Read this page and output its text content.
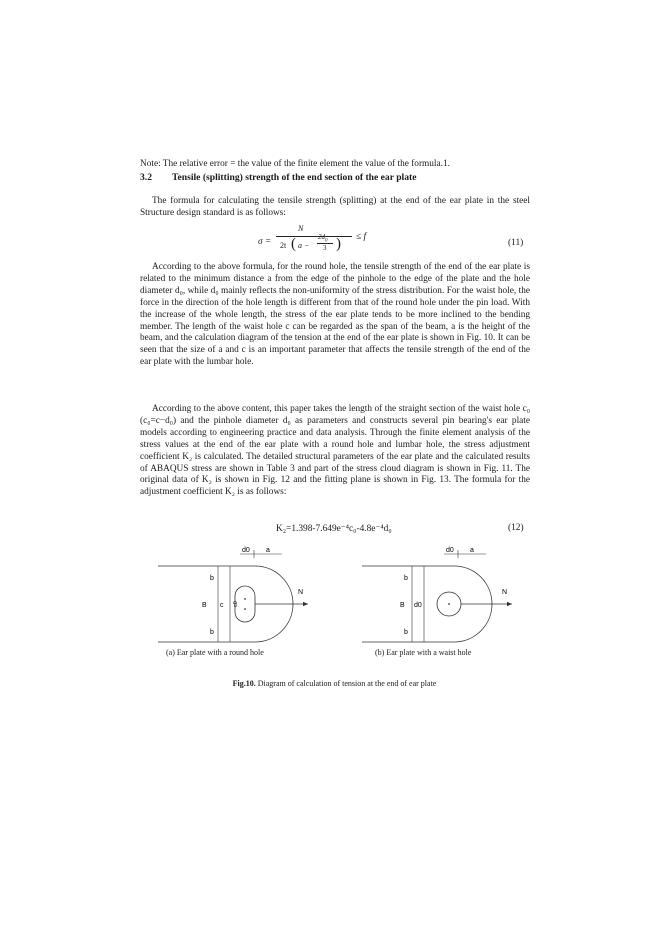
Note: The relative error = the value of the finite element the value of the formula.1.
3.2 Tensile (splitting) strength of the end section of the ear plate

The formula for calculating the tensile strength (splitting) at the end of the ear plate in the steel Structure design standard is as follows:

σ =
N
2t ( a −
$2d_0$
3 ) ≤ f
(11)

According to the above formula, for the round hole, the tensile strength of the end of the ear plate is related to the minimum distance a from the edge of the pinhole to the edge of the plate and the hole diameter d₀, while d₀ mainly reflects the non-uniformity of the stress distribution. For the waist hole, the force in the direction of the hole length is different from that of the round hole under the pin load. With the increase of the whole length, the stress of the ear plate tends to be more inclined to the bending member. The length of the waist hole c can be regarded as the span of the beam, a is the height of the beam, and the calculation diagram of the tension at the end of the ear plate is shown in Fig. 10. It can be seen that the size of a and c is an important parameter that affects the tensile strength of the end of the ear plate with the lumbar hole.

According to the above content, this paper takes the length of the straight section of the waist hole c₀ (c₀=c−d₀) and the pinhole diameter d₀ as parameters and constructs several pin bearing's ear plate models according to engineering practice and data analysis. Through the finite element analysis of the stress values at the end of the ear plate with a round hole and lumbar hole, the stress adjustment coefficient K₂ is calculated. The detailed structural parameters of the ear plate and the calculated results of ABAQUS stress are shown in Table 3 and part of the stress cloud diagram is shown in Fig. 11. The original data of K₂ is shown in Fig. 12 and the fitting plane is shown in Fig. 13. The formula for the adjustment coefficient K₂ is as follows:

K₂=1.398-7.649e⁻⁴c₀-4.8e⁻⁴d₀	(12)
d0 a
b
B c c0
b
N
d0 a
b
B d0
b
N
(a) Ear plate with a round hole	(b) Ear plate with a waist hole
Fig.10. Diagram of calculation of tension at the end of ear plate
